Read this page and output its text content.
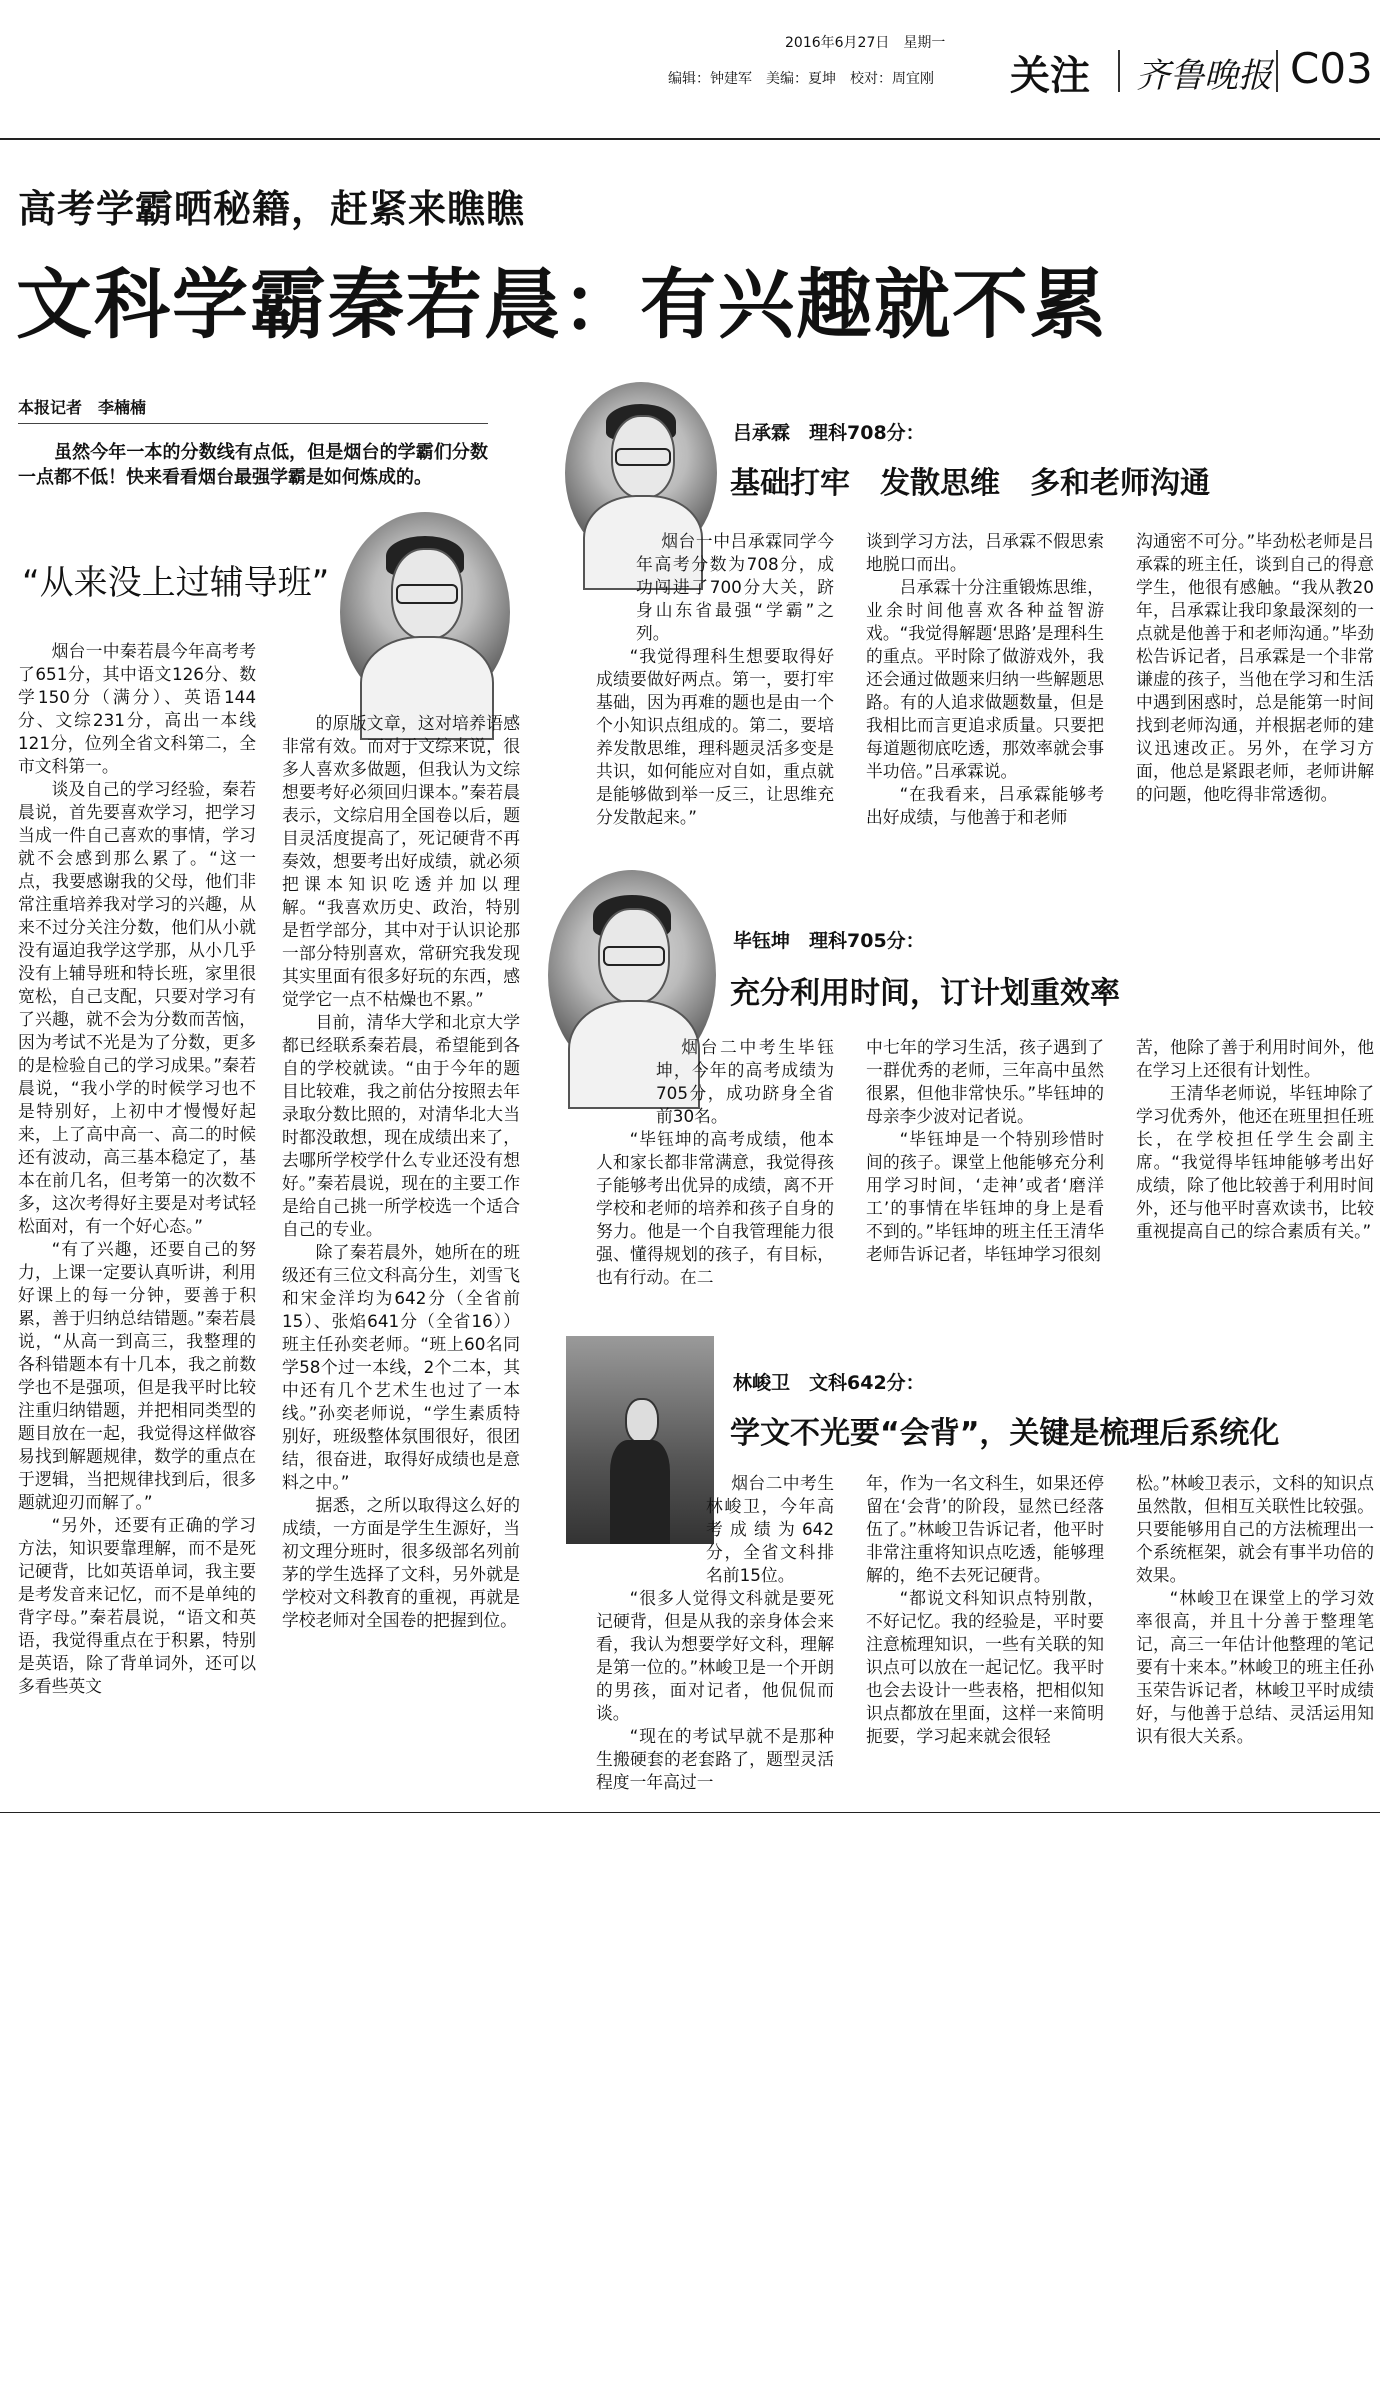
2016年6月27日　星期一
编辑：钟建军　美编：夏坤　校对：周宜刚 关注 齐鲁晚报 C03
高考学霸晒秘籍，赶紧来瞧瞧
文科学霸秦若晨：有兴趣就不累
本报记者　李楠楠

虽然今年一本的分数线有点低，但是烟台的学霸们分数一点都不低！快来看看烟台最强学霸是如何炼成的。

“从来没上过辅导班”

烟台一中秦若晨今年高考考了651分，其中语文126分、数学150分（满分）、英语144分、文综231分，高出一本线121分，位列全省文科第二，全市文科第一。

谈及自己的学习经验，秦若晨说，首先要喜欢学习，把学习当成一件自己喜欢的事情，学习就不会感到那么累了。“这一点，我要感谢我的父母，他们非常注重培养我对学习的兴趣，从来不过分关注分数，他们从小就没有逼迫我学这学那，从小几乎没有上辅导班和特长班，家里很宽松，自己支配，只要对学习有了兴趣，就不会为分数而苦恼，因为考试不光是为了分数，更多的是检验自己的学习成果。”秦若晨说，“我小学的时候学习也不是特别好，上初中才慢慢好起来，上了高中高一、高二的时候还有波动，高三基本稳定了，基本在前几名，但考第一的次数不多，这次考得好主要是对考试轻松面对，有一个好心态。”

“有了兴趣，还要自己的努力，上课一定要认真听讲，利用好课上的每一分钟，要善于积累，善于归纳总结错题。”秦若晨说，“从高一到高三，我整理的各科错题本有十几本，我之前数学也不是强项，但是我平时比较注重归纳错题，并把相同类型的题目放在一起，我觉得这样做容易找到解题规律，数学的重点在于逻辑，当把规律找到后，很多题就迎刃而解了。”

“另外，还要有正确的学习方法，知识要靠理解，而不是死记硬背，比如英语单词，我主要是考发音来记忆，而不是单纯的背字母。”秦若晨说，“语文和英语，我觉得重点在于积累，特别是英语，除了背单词外，还可以　多看些英文

的原版文章，这对培养语感非常有效。而对于文综来说，很多人喜欢多做题，但我认为文综想要考好必须回归课本。”秦若晨表示，文综启用全国卷以后，题目灵活度提高了，死记硬背不再奏效，想要考出好成绩，就必须把课本知识吃透并加以理解。“我喜欢历史、政治，特别是哲学部分，其中对于认识论那一部分特别喜欢，常研究我发现其实里面有很多好玩的东西，感觉学它一点不枯燥也不累。”

目前，清华大学和北京大学都已经联系秦若晨，希望能到各自的学校就读。“由于今年的题目比较难，我之前估分按照去年录取分数比照的，对清华北大当时都没敢想，现在成绩出来了，去哪所学校学什么专业还没有想好。”秦若晨说，现在的主要工作是给自己挑一所学校选一个适合自己的专业。

除了秦若晨外，她所在的班级还有三位文科高分生，刘雪飞和宋金洋均为642分（全省前15）、张焰641分（全省16））班主任孙奕老师。“班上60名同学58个过一本线，2个二本，其中还有几个艺术生也过了一本线。”孙奕老师说，“学生素质特别好，班级整体氛围很好，很团结，很奋进，取得好成绩也是意料之中。”

据悉，之所以取得这么好的成绩，一方面是学生生源好，当初文理分班时，很多级部名列前茅的学生选择了文科，另外就是学校对文科教育的重视，再就是学校老师对全国卷的把握到位。

吕承霖　理科708分：
基础打牢　发散思维　多和老师沟通

烟台一中吕承霖同学今年高考分数为708分，成功闯进了700分大关，跻身山东省最强“学霸”之列。

“我觉得理科生想要取得好成绩要做好两点。第一，要打牢基础，因为再难的题也是由一个个小知识点组成的。第二，要培养发散思维，理科题灵活多变是共识，如何能应对自如，重点就是能够做到举一反三，让思维充分发散起来。”

谈到学习方法，吕承霖不假思索地脱口而出。

吕承霖十分注重锻炼思维，业余时间他喜欢各种益智游戏。“我觉得解题‘思路’是理科生的重点。平时除了做游戏外，我还会通过做题来归纳一些解题思路。有的人追求做题数量，但是我相比而言更追求质量。只要把每道题彻底吃透，那效率就会事半功倍。”吕承霖说。

“在我看来，吕承霖能够考出好成绩，与他善于和老师

沟通密不可分。”毕劲松老师是吕承霖的班主任，谈到自己的得意学生，他很有感触。“我从教20年，吕承霖让我印象最深刻的一点就是他善于和老师沟通。”毕劲松告诉记者，吕承霖是一个非常谦虚的孩子，当他在学习和生活中遇到困惑时，总是能第一时间找到老师沟通，并根据老师的建议迅速改正。另外，在学习方面，他总是紧跟老师，老师讲解的问题，他吃得非常透彻。

毕钰坤　理科705分：
充分利用时间，订计划重效率

烟台二中考生毕钰坤，今年的高考成绩为705分，成功跻身全省前30名。

“毕钰坤的高考成绩，他本人和家长都非常满意，我觉得孩子能够考出优异的成绩，离不开学校和老师的培养和孩子自身的努力。他是一个自我管理能力很强、懂得规划的孩子，有目标，也有行动。在二

中七年的学习生活，孩子遇到了一群优秀的老师，三年高中虽然很累，但他非常快乐。”毕钰坤的母亲李少波对记者说。

“毕钰坤是一个特别珍惜时间的孩子。课堂上他能够充分利用学习时间，‘走神’或者‘磨洋工’的事情在毕钰坤的身上是看不到的。”毕钰坤的班主任王清华老师告诉记者，毕钰坤学习很刻

苦，他除了善于利用时间外，他在学习上还很有计划性。

王清华老师说，毕钰坤除了学习优秀外，他还在班里担任班长，在学校担任学生会副主席。“我觉得毕钰坤能够考出好成绩，除了他比较善于利用时间外，还与他平时喜欢读书，比较重视提高自己的综合素质有关。”

林峻卫　文科642分：
学文不光要“会背”，关键是梳理后系统化

烟台二中考生林峻卫，今年高考成绩为642分，全省文科排名前15位。

“很多人觉得文科就是要死记硬背，但是从我的亲身体会来看，我认为想要学好文科，理解是第一位的。”林峻卫是一个开朗的男孩，面对记者，他侃侃而谈。

“现在的考试早就不是那种生搬硬套的老套路了，题型灵活程度一年高过一

年，作为一名文科生，如果还停留在‘会背’的阶段，显然已经落伍了。”林峻卫告诉记者，他平时非常注重将知识点吃透，能够理解的，绝不去死记硬背。

“都说文科知识点特别散，不好记忆。我的经验是，平时要注意梳理知识，一些有关联的知识点可以放在一起记忆。我平时也会去设计一些表格，把相似知识点都放在里面，这样一来简明扼要，学习起来就会很轻

松。”林峻卫表示，文科的知识点虽然散，但相互关联性比较强。只要能够用自己的方法梳理出一个系统框架，就会有事半功倍的效果。

“林峻卫在课堂上的学习效率很高，并且十分善于整理笔记，高三一年估计他整理的笔记要有十来本。”林峻卫的班主任孙玉荣告诉记者，林峻卫平时成绩好，与他善于总结、灵活运用知识有很大关系。
